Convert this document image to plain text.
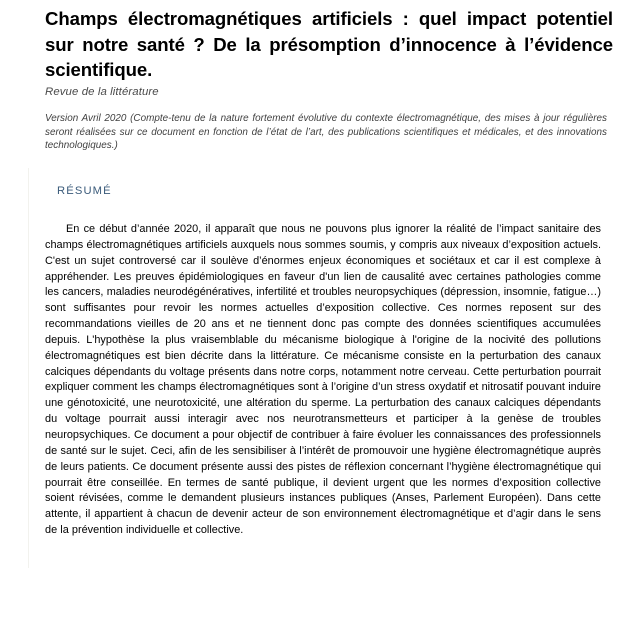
Champs électromagnétiques artificiels : quel impact potentiel sur notre santé ? De la présomption d’innocence à l’évidence scientifique.
Revue de la littérature

Version Avril 2020 (Compte-tenu de la nature fortement évolutive du contexte électromagnétique, des mises à jour régulières seront réalisées sur ce document en fonction de l’état de l’art, des publications scientifiques et médicales, et des innovations technologiques.)

RÉSUMÉ

En ce début d’année 2020, il apparaît que nous ne pouvons plus ignorer la réalité de l’impact sanitaire des champs électromagnétiques artificiels auxquels nous sommes soumis, y compris aux niveaux d’exposition actuels. C'est un sujet controversé car il soulève d’énormes enjeux économiques et sociétaux et car il est complexe à appréhender. Les preuves épidémiologiques en faveur d'un lien de causalité avec certaines pathologies comme les cancers, maladies neurodégénératives, infertilité et troubles neuropsychiques (dépression, insomnie, fatigue…) sont suffisantes pour revoir les normes actuelles d’exposition collective. Ces normes reposent sur des recommandations vieilles de 20 ans et ne tiennent donc pas compte des données scientifiques accumulées depuis. L'hypothèse la plus vraisemblable du mécanisme biologique à l'origine de la nocivité des pollutions électromagnétiques est bien décrite dans la littérature. Ce mécanisme consiste en la perturbation des canaux calciques dépendants du voltage présents dans notre corps, notamment notre cerveau. Cette perturbation pourrait expliquer comment les champs électromagnétiques sont à l’origine d’un stress oxydatif et nitrosatif pouvant induire une génotoxicité, une neurotoxicité, une altération du sperme. La perturbation des canaux calciques dépendants du voltage pourrait aussi interagir avec nos neurotransmetteurs et participer à la genèse de troubles neuropsychiques. Ce document a pour objectif de contribuer à faire évoluer les connaissances des professionnels de santé sur le sujet. Ceci, afin de les sensibiliser à l’intérêt de promouvoir une hygiène électromagnétique auprès de leurs patients. Ce document présente aussi des pistes de réflexion concernant l’hygiène électromagnétique qui pourrait être conseillée. En termes de santé publique, il devient urgent que les normes d’exposition collective soient révisées, comme le demandent plusieurs instances publiques (Anses, Parlement Européen). Dans cette attente, il appartient à chacun de devenir acteur de son environnement électromagnétique et d’agir dans le sens de la prévention individuelle et collective.
